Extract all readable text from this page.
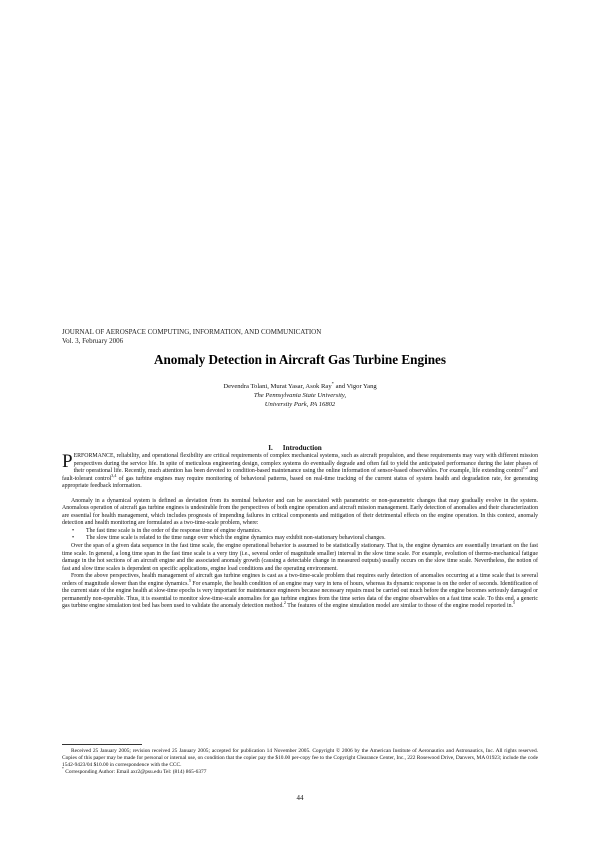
JOURNAL OF AEROSPACE COMPUTING, INFORMATION, AND COMMUNICATION
Vol. 3, February 2006
Anomaly Detection in Aircraft Gas Turbine Engines
Devendra Tolani, Murat Yasar, Asok Ray* and Vigor Yang
The Pennsylvania State University,
University Park, PA 16802
I. Introduction

PERFORMANCE, reliability, and operational flexibility are critical requirements of complex mechanical systems, such as aircraft propulsion, and these requirements may vary with different mission perspectives during the service life. In spite of meticulous engineering design, complex systems do eventually degrade and often fail to yield the anticipated performance during the later phases of their operational life. Recently, much attention has been devoted to condition-based maintenance using the online information of sensor-based observables. For example, life extending control$^{1,2}$ and fault-tolerant control$^{3,4}$ of gas turbine engines may require monitoring of behavioral patterns, based on real-time tracking of the current status of system health and degradation rate, for generating appropriate feedback information.

Anomaly in a dynamical system is defined as deviation from its nominal behavior and can be associated with parametric or non-parametric changes that may gradually evolve in the system. Anomalous operation of aircraft gas turbine engines is undesirable from the perspectives of both engine operation and aircraft mission management. Early detection of anomalies and their characterization are essential for health management, which includes prognosis of impending failures in critical components and mitigation of their detrimental effects on the engine operation. In this context, anomaly detection and health monitoring are formulated as a two-time-scale problem, where:

• The fast time scale is in the order of the response time of engine dynamics.
• The slow time scale is related to the time range over which the engine dynamics may exhibit non-stationary behavioral changes.

Over the span of a given data sequence in the fast time scale, the engine operational behavior is assumed to be statistically stationary. That is, the engine dynamics are essentially invariant on the fast time scale. In general, a long time span in the fast time scale is a very tiny (i.e., several order of magnitude smaller) interval in the slow time scale. For example, evolution of thermo-mechanical fatigue damage in the hot sections of an aircraft engine and the associated anomaly growth (causing a detectable change in measured outputs) usually occurs on the slow time scale. Nevertheless, the notion of fast and slow time scales is dependent on specific applications, engine load conditions and the operating environment.

From the above perspectives, health management of aircraft gas turbine engines is cast as a two-time-scale problem that requires early detection of anomalies occurring at a time scale that is several orders of magnitude slower than the engine dynamics.$^5$ For example, the health condition of an engine may vary in tens of hours, whereas its dynamic response is on the order of seconds. Identification of the current state of the engine health at slow-time epochs is very important for maintenance engineers because necessary repairs must be carried out much before the engine becomes seriously damaged or permanently non-operable. Thus, it is essential to monitor slow-time-scale anomalies for gas turbine engines from the time series data of the engine observables on a fast time scale. To this end, a generic gas turbine engine simulation test bed has been used to validate the anomaly detection method.$^2$ The features of the engine simulation model are similar to those of the engine model reported in.$^5$

Received 25 January 2005; revision received 25 January 2005; accepted for publication 14 November 2005. Copyright © 2006 by the American Institute of Aeronautics and Astronautics, Inc. All rights reserved. Copies of this paper may be made for personal or internal use, on condition that the copier pay the $10.00 per-copy fee to the Copyright Clearance Center, Inc., 222 Rosewood Drive, Danvers, MA 01923; include the code 1542-9423/04 $10.00 in correspondence with the CCC.

* Corresponding Author: Email axr2@psu.edu Tel: (814) 865-6377

44
